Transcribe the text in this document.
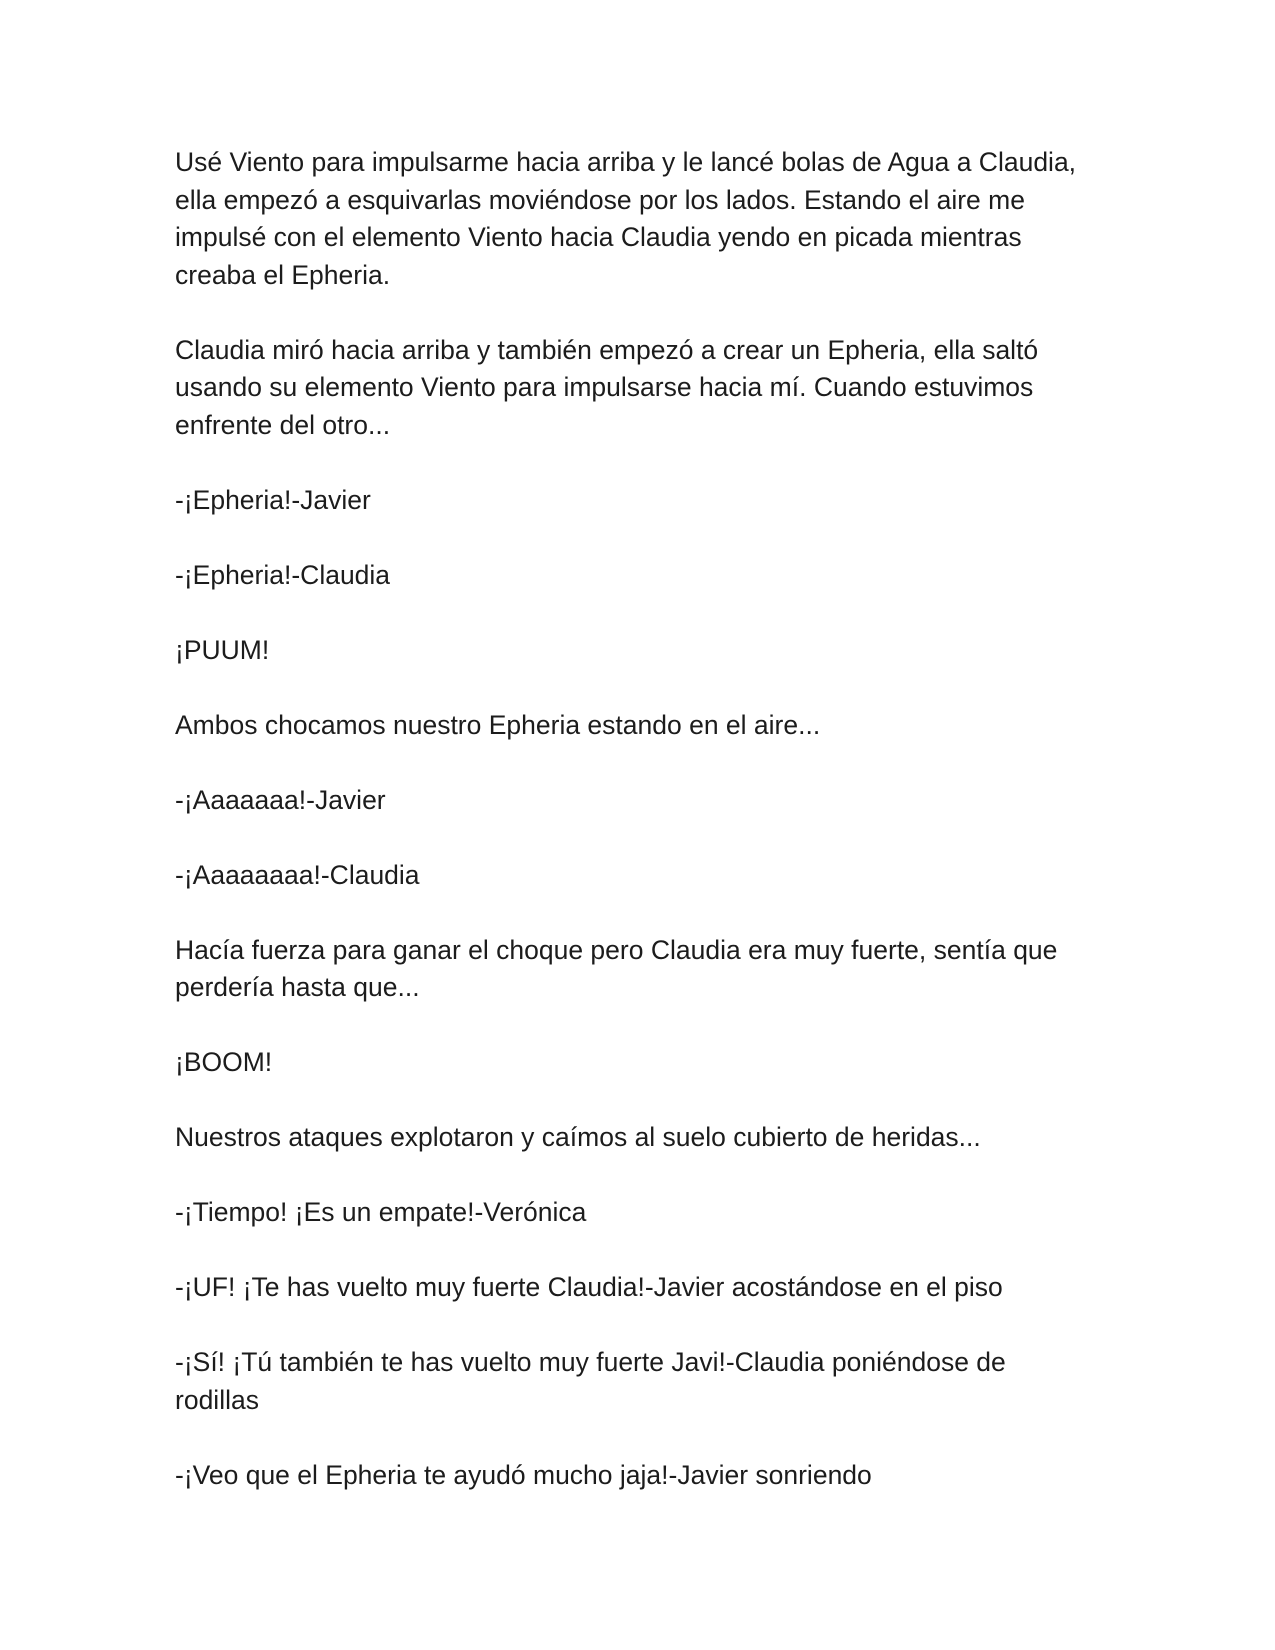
Usé Viento para impulsarme hacia arriba y le lancé bolas de Agua a Claudia, ella empezó a esquivarlas moviéndose por los lados. Estando el aire me impulsé con el elemento Viento hacia Claudia yendo en picada mientras creaba el Epheria.

Claudia miró hacia arriba y también empezó a crear un Epheria, ella saltó usando su elemento Viento para impulsarse hacia mí. Cuando estuvimos enfrente del otro...

-¡Epheria!-Javier

-¡Epheria!-Claudia

¡PUUM!

Ambos chocamos nuestro Epheria estando en el aire...

-¡Aaaaaaa!-Javier

-¡Aaaaaaaa!-Claudia

Hacía fuerza para ganar el choque pero Claudia era muy fuerte, sentía que perdería hasta que...

¡BOOM!

Nuestros ataques explotaron y caímos al suelo cubierto de heridas...

-¡Tiempo! ¡Es un empate!-Verónica

-¡UF! ¡Te has vuelto muy fuerte Claudia!-Javier acostándose en el piso

-¡Sí! ¡Tú también te has vuelto muy fuerte Javi!-Claudia poniéndose de rodillas

-¡Veo que el Epheria te ayudó mucho jaja!-Javier sonriendo
